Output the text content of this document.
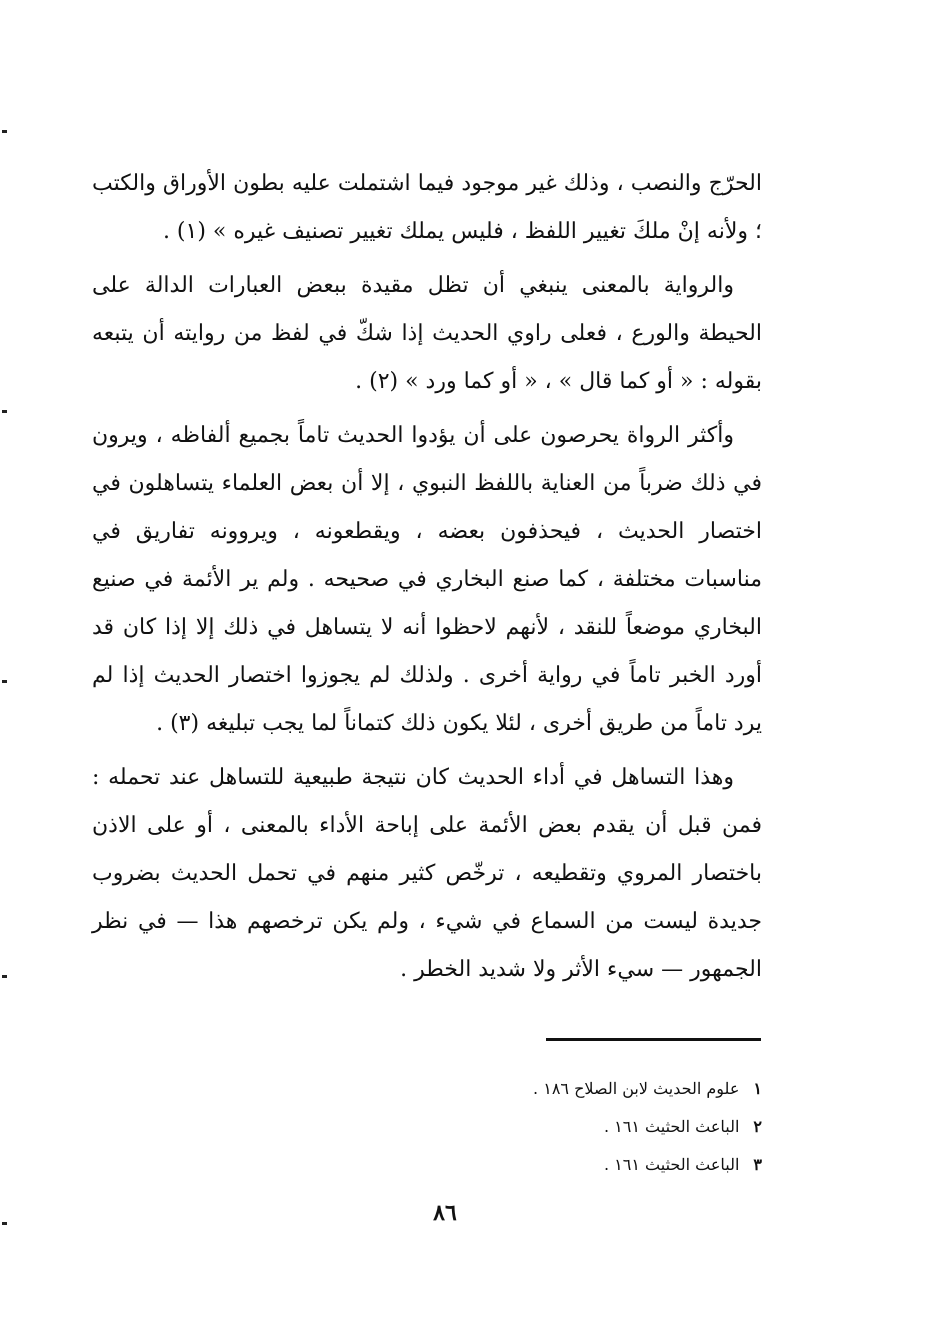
الحرّج والنصب ، وذلك غير موجود فيما اشتملت عليه بطون الأوراق والكتب ؛ ولأنه إنْ ملكَ تغيير اللفظ ، فليس يملك تغيير تصنيف غيره » (١) .

والرواية بالمعنى ينبغي أن تظل مقيدة ببعض العبارات الدالة على الحيطة والورع ، فعلى راوي الحديث إذا شكّ في لفظ من روايته أن يتبعه بقوله : « أو كما قال » ، « أو كما ورد » (٢) .

وأكثر الرواة يحرصون على أن يؤدوا الحديث تاماً بجميع ألفاظه ، ويرون في ذلك ضرباً من العناية باللفظ النبوي ، إلا أن بعض العلماء يتساهلون في اختصار الحديث ، فيحذفون بعضه ، ويقطعونه ، ويروونه تفاريق في مناسبات مختلفة ، كما صنع البخاري في صحيحه . ولم ير الأئمة في صنيع البخاري موضعاً للنقد ، لأنهم لاحظوا أنه لا يتساهل في ذلك إلا إذا كان قد أورد الخبر تاماً في رواية أخرى . ولذلك لم يجوزوا اختصار الحديث إذا لم يرد تاماً من طريق أخرى ، لئلا يكون ذلك كتماناً لما يجب تبليغه (٣) .

وهذا التساهل في أداء الحديث كان نتيجة طبيعية للتساهل عند تحمله : فمن قبل أن يقدم بعض الأئمة على إباحة الأداء بالمعنى ، أو على الاذن باختصار المروي وتقطيعه ، ترخّص كثير منهم في تحمل الحديث بضروب جديدة ليست من السماع في شيء ، ولم يكن ترخصهم هذا — في نظر الجمهور — سيء الأثر ولا شديد الخطر .

١علوم الحديث لابن الصلاح ١٨٦ .

٢الباعث الحثيث ١٦١ .

٣الباعث الحثيث ١٦١ .

٨٦
